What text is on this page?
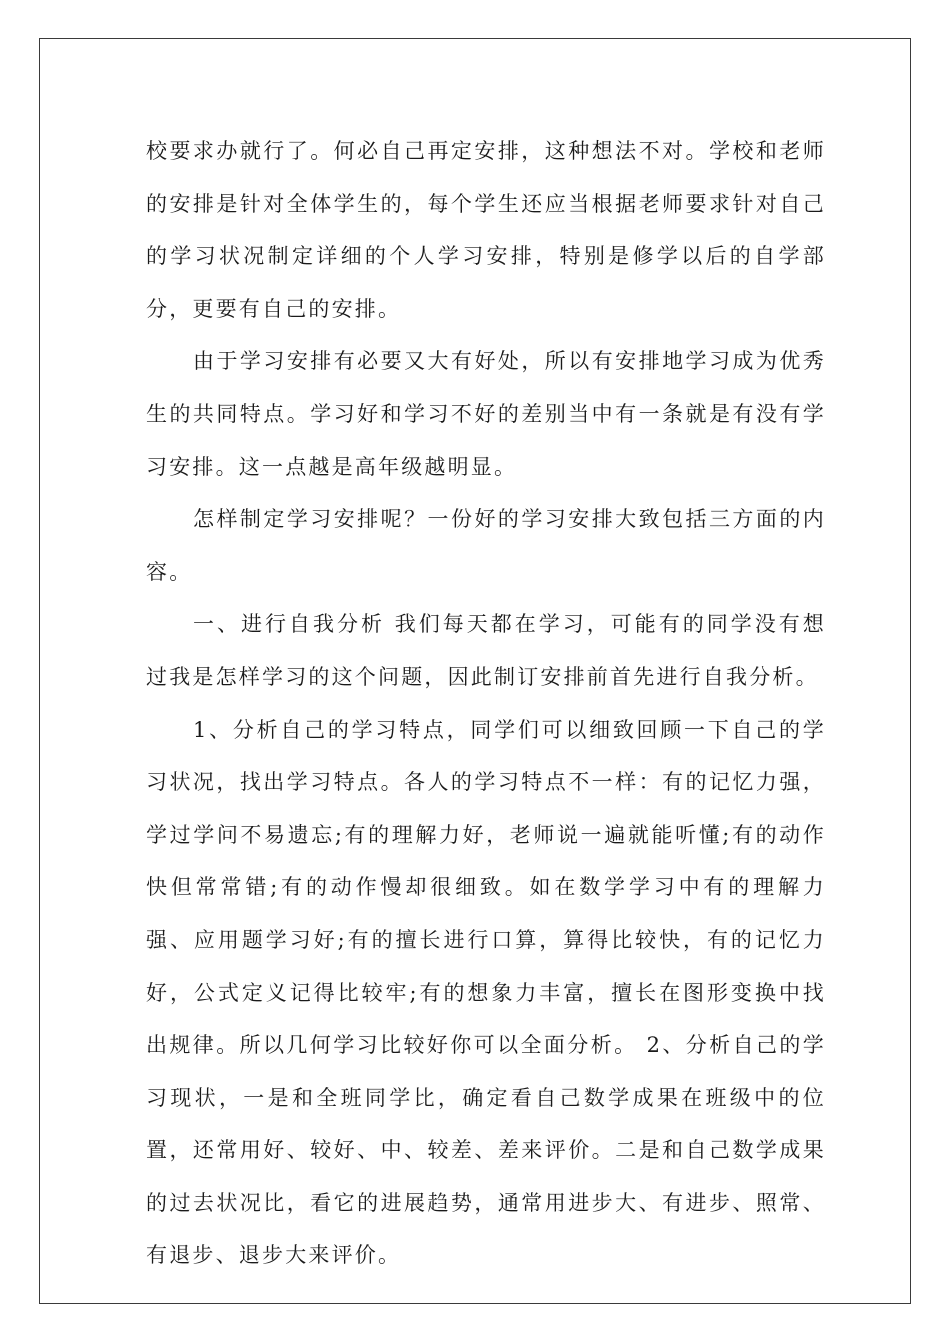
校要求办就行了。何必自己再定安排，这种想法不对。学校和老师的安排是针对全体学生的，每个学生还应当根据老师要求针对自己的学习状况制定详细的个人学习安排，特别是修学以后的自学部分，更要有自己的安排。

由于学习安排有必要又大有好处，所以有安排地学习成为优秀生的共同特点。学习好和学习不好的差别当中有一条就是有没有学习安排。这一点越是高年级越明显。

怎样制定学习安排呢？一份好的学习安排大致包括三方面的内容。

一、进行自我分析 我们每天都在学习，可能有的同学没有想过我是怎样学习的这个问题，因此制订安排前首先进行自我分析。

1、分析自己的学习特点，同学们可以细致回顾一下自己的学习状况，找出学习特点。各人的学习特点不一样：有的记忆力强，学过学问不易遗忘;有的理解力好，老师说一遍就能听懂;有的动作快但常常错;有的动作慢却很细致。如在数学学习中有的理解力强、应用题学习好;有的擅长进行口算，算得比较快，有的记忆力好，公式定义记得比较牢;有的想象力丰富，擅长在图形变换中找出规律。所以几何学习比较好你可以全面分析。 2、分析自己的学习现状，一是和全班同学比，确定看自己数学成果在班级中的位置，还常用好、较好、中、较差、差来评价。二是和自己数学成果的过去状况比，看它的进展趋势，通常用进步大、有进步、照常、有退步、退步大来评价。
